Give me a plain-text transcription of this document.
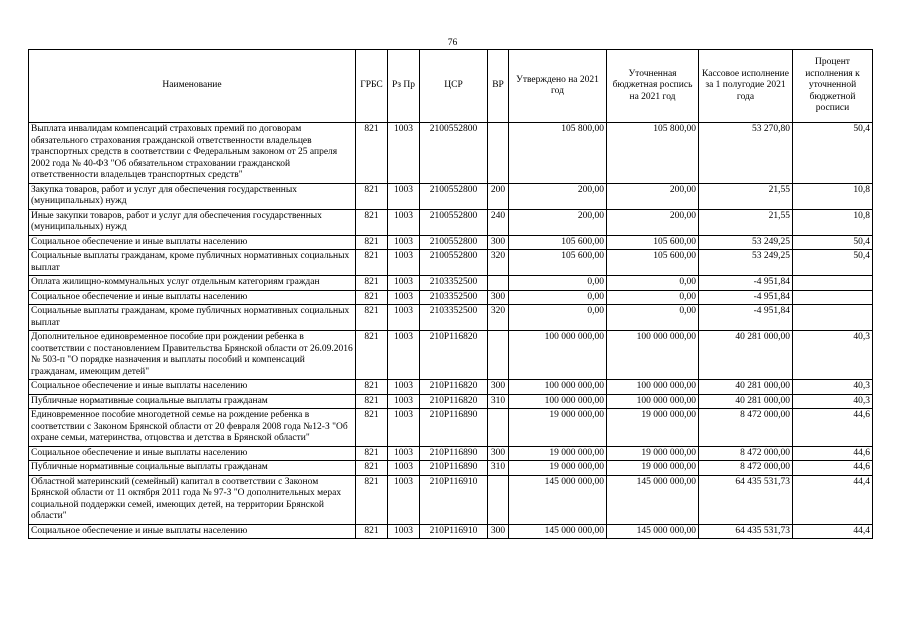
76
Наименование	ГРБС	Рз Пр	ЦСР	ВР	Утверждено на 2021 год	Уточненная бюджетная роспись на 2021 год	Кассовое исполнение за 1 полугодие 2021 года	Процент исполнения к уточненной бюджетной росписи
Выплата инвалидам компенсаций страховых премий по договорам обязательного страхования гражданской ответственности владельцев транспортных средств в соответствии с Федеральным законом от 25 апреля 2002 года № 40-ФЗ "Об обязательном страховании гражданской ответственности владельцев транспортных средств"	821	1003	2100552800		105 800,00	105 800,00	53 270,80	50,4
Закупка товаров, работ и услуг для обеспечения государственных (муниципальных) нужд	821	1003	2100552800	200	200,00	200,00	21,55	10,8
Иные закупки товаров, работ и услуг для обеспечения государственных (муниципальных) нужд	821	1003	2100552800	240	200,00	200,00	21,55	10,8
Социальное обеспечение и иные выплаты населению	821	1003	2100552800	300	105 600,00	105 600,00	53 249,25	50,4
Социальные выплаты гражданам, кроме публичных нормативных социальных выплат	821	1003	2100552800	320	105 600,00	105 600,00	53 249,25	50,4
Оплата жилищно-коммунальных услуг отдельным категориям граждан	821	1003	2103352500		0,00	0,00	-4 951,84	
Социальное обеспечение и иные выплаты населению	821	1003	2103352500	300	0,00	0,00	-4 951,84	
Социальные выплаты гражданам, кроме публичных нормативных социальных выплат	821	1003	2103352500	320	0,00	0,00	-4 951,84	
Дополнительное единовременное пособие при рождении ребенка в соответствии с постановлением Правительства Брянской области от 26.09.2016 № 503-п "О порядке назначения и выплаты пособий и компенсаций гражданам, имеющим детей"	821	1003	210P116820		100 000 000,00	100 000 000,00	40 281 000,00	40,3
Социальное обеспечение и иные выплаты населению	821	1003	210P116820	300	100 000 000,00	100 000 000,00	40 281 000,00	40,3
Публичные нормативные социальные выплаты гражданам	821	1003	210P116820	310	100 000 000,00	100 000 000,00	40 281 000,00	40,3
Единовременное пособие многодетной семье на рождение ребенка в соответствии с Законом Брянской области от 20 февраля 2008 года №12-З "Об охране семьи, материнства, отцовства и детства в Брянской области"	821	1003	210P116890		19 000 000,00	19 000 000,00	8 472 000,00	44,6
Социальное обеспечение и иные выплаты населению	821	1003	210P116890	300	19 000 000,00	19 000 000,00	8 472 000,00	44,6
Публичные нормативные социальные выплаты гражданам	821	1003	210P116890	310	19 000 000,00	19 000 000,00	8 472 000,00	44,6
Областной материнский (семейный) капитал в соответствии с Законом Брянской области от 11 октября 2011 года № 97-З "О дополнительных мерах социальной поддержки семей, имеющих детей, на территории Брянской области"	821	1003	210P116910		145 000 000,00	145 000 000,00	64 435 531,73	44,4
Социальное обеспечение и иные выплаты населению	821	1003	210P116910	300	145 000 000,00	145 000 000,00	64 435 531,73	44,4
